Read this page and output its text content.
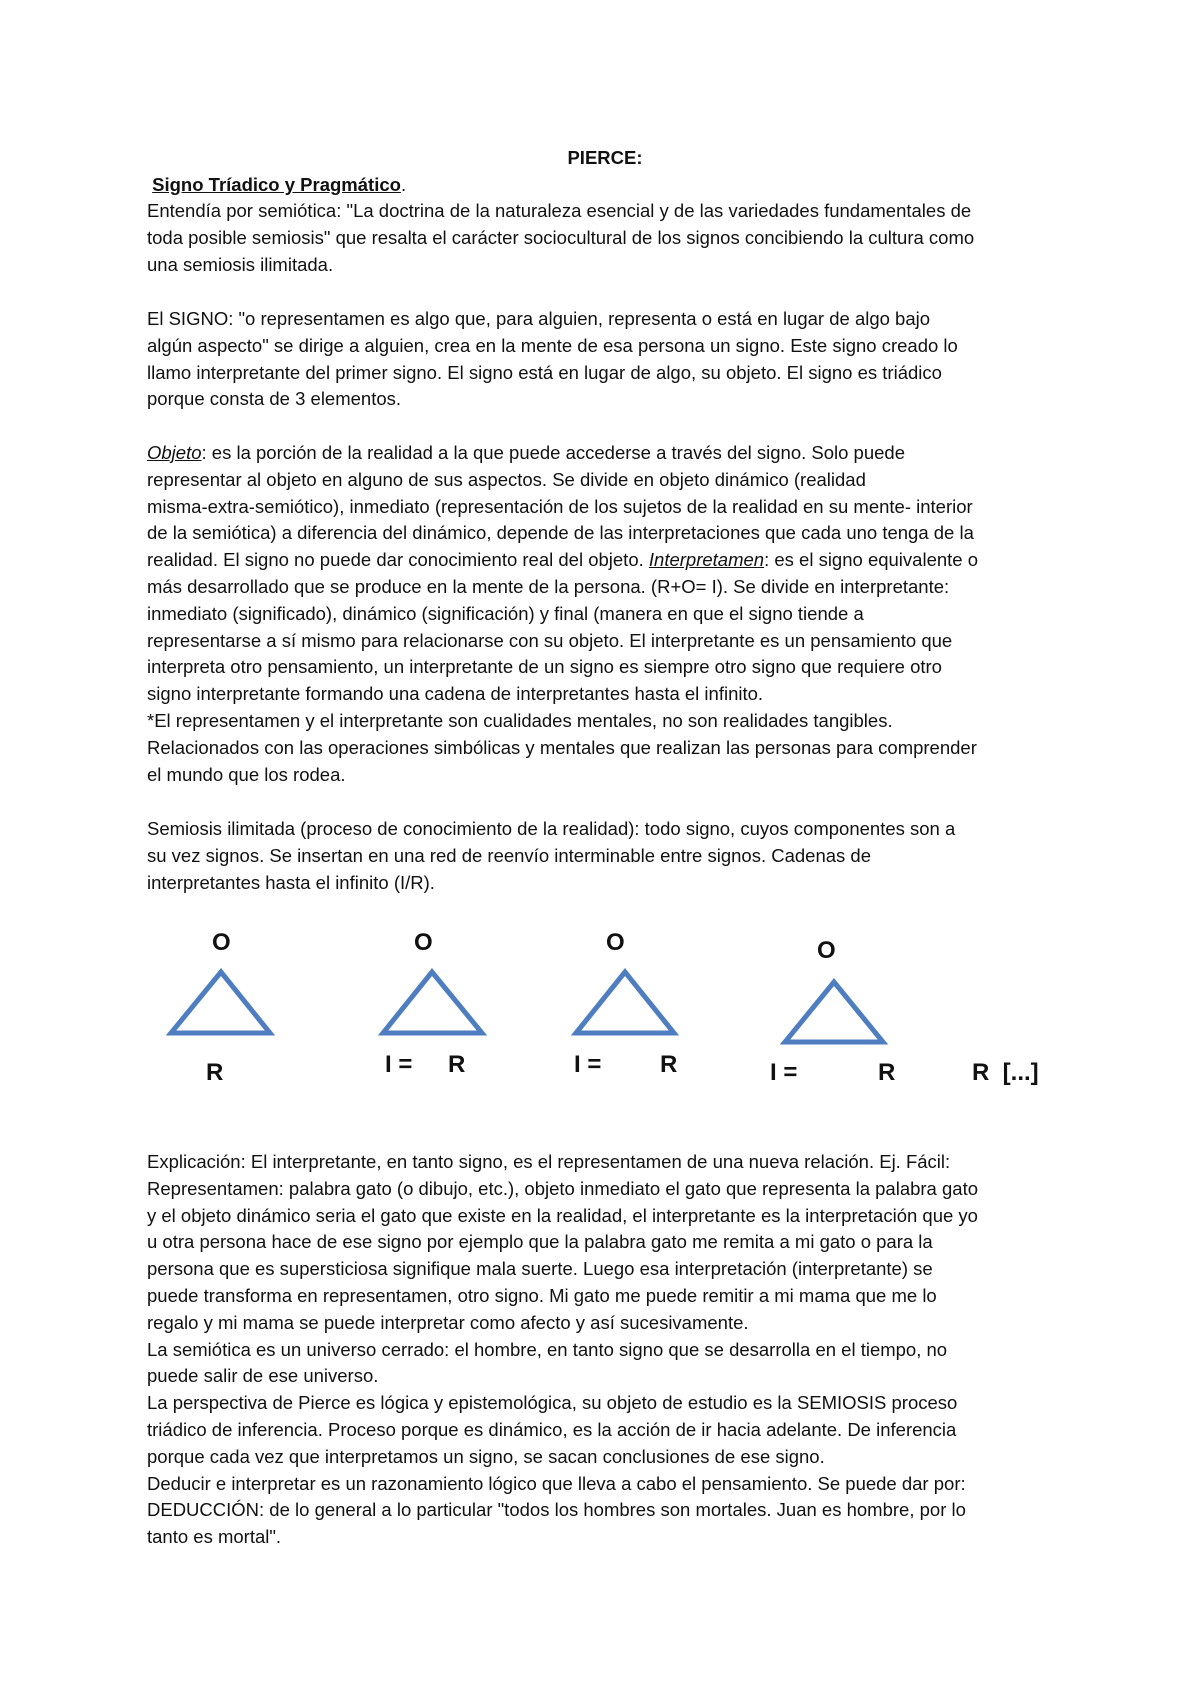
PIERCE:
Signo Tríadico y Pragmático.
Entendía por semiótica: "La doctrina de la naturaleza esencial y de las variedades fundamentales de
toda posible semiosis" que resalta el carácter sociocultural de los signos concibiendo la cultura como
una semiosis ilimitada.
El SIGNO: "o representamen es algo que, para alguien, representa o está en lugar de algo bajo
algún aspecto" se dirige a alguien, crea en la mente de esa persona un signo. Este signo creado lo
llamo interpretante del primer signo. El signo está en lugar de algo, su objeto. El signo es triádico
porque consta de 3 elementos.
Objeto: es la porción de la realidad a la que puede accederse a través del signo. Solo puede
representar al objeto en alguno de sus aspectos. Se divide en objeto dinámico (realidad
misma-extra-semiótico), inmediato (representación de los sujetos de la realidad en su mente- interior
de la semiótica) a diferencia del dinámico, depende de las interpretaciones que cada uno tenga de la
realidad. El signo no puede dar conocimiento real del objeto. Interpretamen: es el signo equivalente o
más desarrollado que se produce en la mente de la persona. (R+O= I). Se divide en interpretante:
inmediato (significado), dinámico (significación) y final (manera en que el signo tiende a
representarse a sí mismo para relacionarse con su objeto. El interpretante es un pensamiento que
interpreta otro pensamiento, un interpretante de un signo es siempre otro signo que requiere otro
signo interpretante formando una cadena de interpretantes hasta el infinito.
*El representamen y el interpretante son cualidades mentales, no son realidades tangibles.
Relacionados con las operaciones simbólicas y mentales que realizan las personas para comprender
el mundo que los rodea.
Semiosis ilimitada (proceso de conocimiento de la realidad): todo signo, cuyos componentes son a
su vez signos. Se insertan en una red de reenvío interminable entre signos. Cadenas de
interpretantes hasta el infinito (I/R).
O
R
O
I = R
O
I = R
O
I =	R	R  [...]
Explicación: El interpretante, en tanto signo, es el representamen de una nueva relación. Ej. Fácil:
Representamen: palabra gato (o dibujo, etc.), objeto inmediato el gato que representa la palabra gato
y el objeto dinámico seria el gato que existe en la realidad, el interpretante es la interpretación que yo
u otra persona hace de ese signo por ejemplo que la palabra gato me remita a mi gato o para la
persona que es supersticiosa signifique mala suerte. Luego esa interpretación (interpretante) se
puede transforma en representamen, otro signo. Mi gato me puede remitir a mi mama que me lo
regalo y mi mama se puede interpretar como afecto y así sucesivamente.
La semiótica es un universo cerrado: el hombre, en tanto signo que se desarrolla en el tiempo, no
puede salir de ese universo.
La perspectiva de Pierce es lógica y epistemológica, su objeto de estudio es la SEMIOSIS proceso
triádico de inferencia. Proceso porque es dinámico, es la acción de ir hacia adelante. De inferencia
porque cada vez que interpretamos un signo, se sacan conclusiones de ese signo.
Deducir e interpretar es un razonamiento lógico que lleva a cabo el pensamiento. Se puede dar por:
DEDUCCIÓN: de lo general a lo particular "todos los hombres son mortales. Juan es hombre, por lo
tanto es mortal".
